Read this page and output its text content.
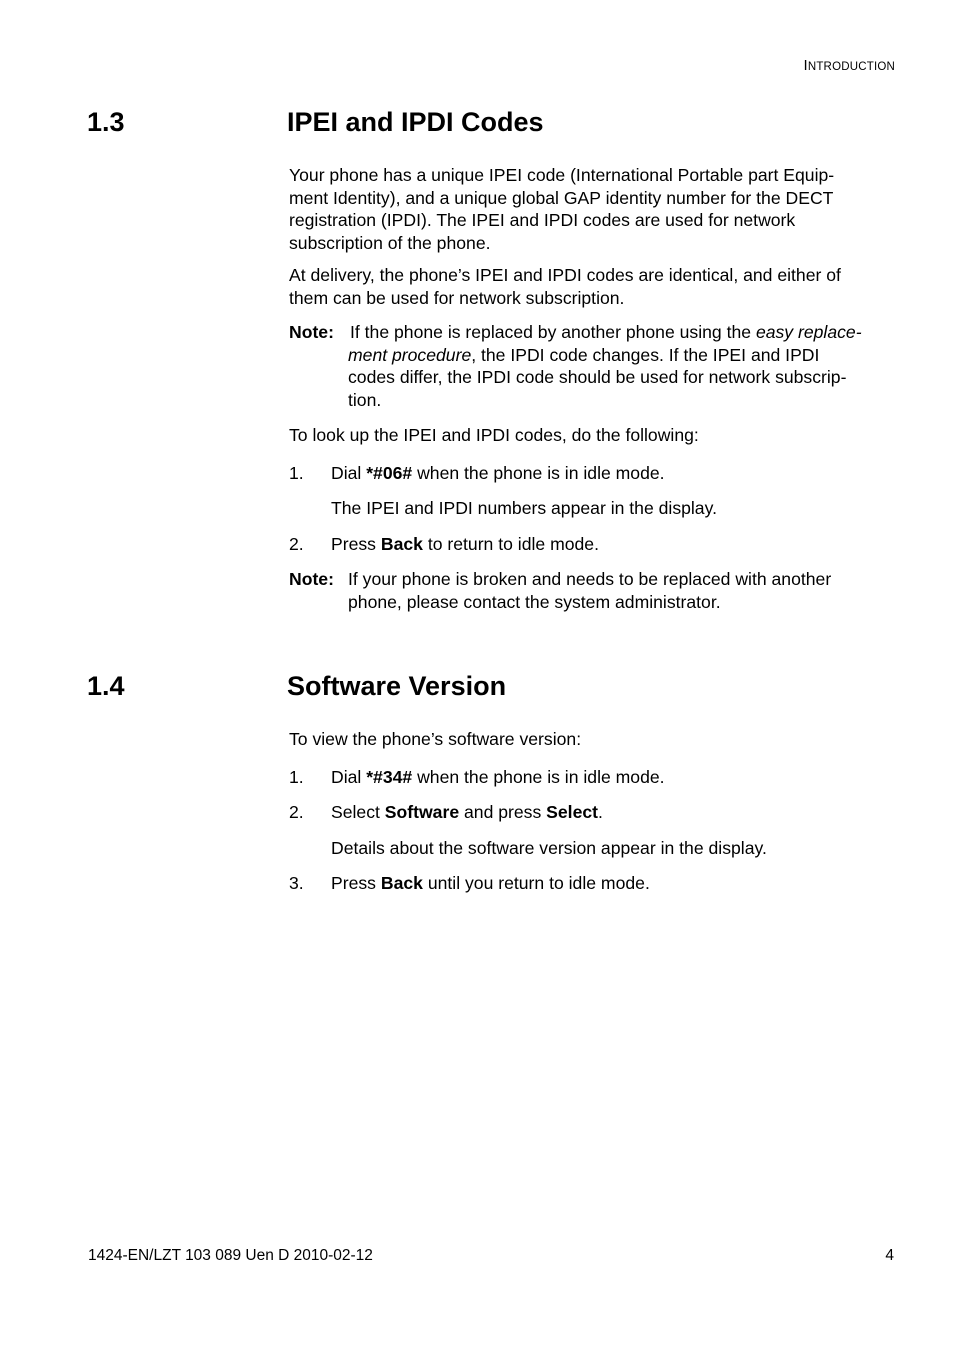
INTRODUCTION
1.3	IPEI and IPDI Codes
Your phone has a unique IPEI code (International Portable part Equip-
ment Identity), and a unique global GAP identity number for the DECT
registration (IPDI). The IPEI and IPDI codes are used for network
subscription of the phone.
At delivery, the phone’s IPEI and IPDI codes are identical, and either of
them can be used for network subscription.
Note: If the phone is replaced by another phone using the easy replace-
ment procedure, the IPDI code changes. If the IPEI and IPDI
codes differ, the IPDI code should be used for network subscrip-
tion.
To look up the IPEI and IPDI codes, do the following:
1.	Dial *#06# when the phone is in idle mode.
The IPEI and IPDI numbers appear in the display.
2.	Press Back to return to idle mode.
Note: If your phone is broken and needs to be replaced with another
phone, please contact the system administrator.
1.4	Software Version
To view the phone’s software version:
1.	Dial *#34# when the phone is in idle mode.
2.	Select Software and press Select.
Details about the software version appear in the display.
3.	Press Back until you return to idle mode.
1424-EN/LZT 103 089 Uen D 2010-02-12	4
